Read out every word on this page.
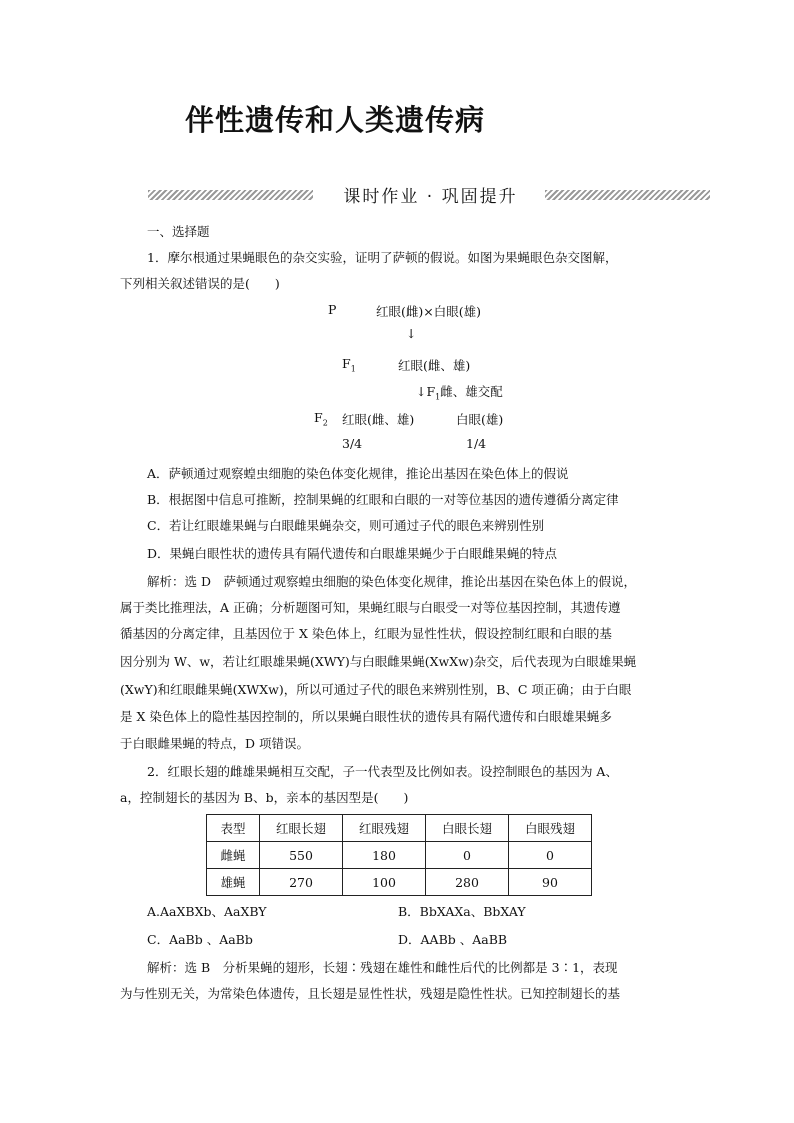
伴性遗传和人类遗传病
课时作业 · 巩固提升
一、选择题
1．摩尔根通过果蝇眼色的杂交实验，证明了萨顿的假说。如图为果蝇眼色杂交图解，
下列相关叙述错误的是(　　)
P	红眼(雌)×白眼(雄)
↓
$F_1$	红眼(雌、雄)
$↓F_1$雌、雄交配
$F_2$ 红眼(雌、雄)	白眼(雄)
3/4	1/4
A．萨顿通过观察蝗虫细胞的染色体变化规律，推论出基因在染色体上的假说
B．根据图中信息可推断，控制果蝇的红眼和白眼的一对等位基因的遗传遵循分离定律
C．若让红眼雄果蝇与白眼雌果蝇杂交，则可通过子代的眼色来辨别性别
D．果蝇白眼性状的遗传具有隔代遗传和白眼雄果蝇少于白眼雌果蝇的特点
解析：选 D　萨顿通过观察蝗虫细胞的染色体变化规律，推论出基因在染色体上的假说，
属于类比推理法，A 正确；分析题图可知，果蝇红眼与白眼受一对等位基因控制，其遗传遵
循基因的分离定律，且基因位于 X 染色体上，红眼为显性性状，假设控制红眼和白眼的基
因分别为 W、w，若让红眼雄果蝇(XWY)与白眼雌果蝇(XwXw)杂交，后代表现为白眼雄果蝇
(XwY)和红眼雌果蝇(XWXw)，所以可通过子代的眼色来辨别性别，B、C 项正确；由于白眼
是 X 染色体上的隐性基因控制的，所以果蝇白眼性状的遗传具有隔代遗传和白眼雄果蝇多
于白眼雌果蝇的特点，D 项错误。
2．红眼长翅的雌雄果蝇相互交配，子一代表型及比例如表。设控制眼色的基因为 A、
a，控制翅长的基因为 B、b，亲本的基因型是(　　)
表型	红眼长翅	红眼残翅	白眼长翅	白眼残翅
雌蝇	550	180	0	0
雄蝇	270	100	280	90
A.AaXBXb、AaXBY	B．BbXAXa、BbXAY
C．AaBb 、AaBb	D．AABb 、AaBB
解析：选 B　分析果蝇的翅形，长翅∶残翅在雄性和雌性后代的比例都是 3∶1，表现
为与性别无关，为常染色体遗传，且长翅是显性性状，残翅是隐性性状。已知控制翅长的基
